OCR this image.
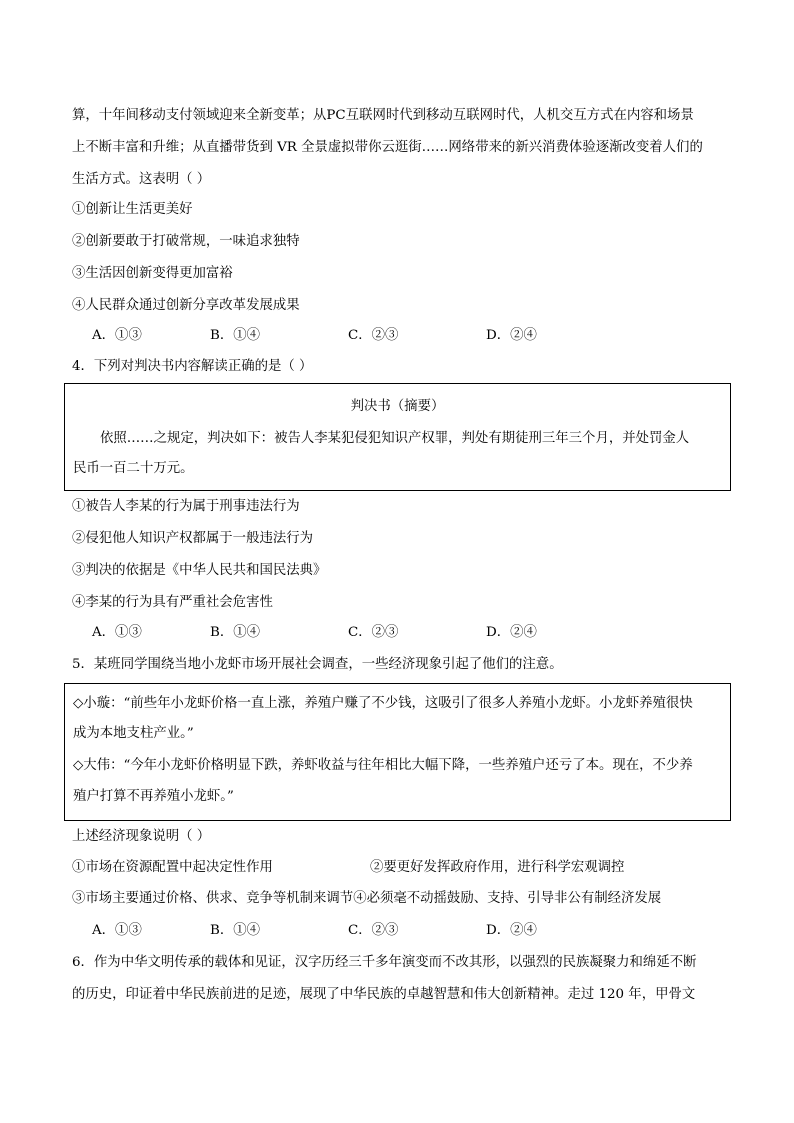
算，十年间移动支付领域迎来全新变革；从PC互联网时代到移动互联网时代，人机交互方式在内容和场景
上不断丰富和升维；从直播带货到 VR 全景虚拟带你云逛街……网络带来的新兴消费体验逐渐改变着人们的
生活方式。这表明（ ）
①创新让生活更美好
②创新要敢于打破常规，一味追求独特
③生活因创新变得更加富裕
④人民群众通过创新分享改革发展成果
A．①③	B．①④	C．②③	D．②④
4．下列对判决书内容解读正确的是（ ）
判决书（摘要）
依照……之规定，判决如下：被告人李某犯侵犯知识产权罪，判处有期徒刑三年三个月，并处罚金人
民币一百二十万元。
①被告人李某的行为属于刑事违法行为
②侵犯他人知识产权都属于一般违法行为
③判决的依据是《中华人民共和国民法典》
④李某的行为具有严重社会危害性
A．①③	B．①④	C．②③	D．②④
5．某班同学围绕当地小龙虾市场开展社会调查，一些经济现象引起了他们的注意。
◇小璇：“前些年小龙虾价格一直上涨，养殖户赚了不少钱，这吸引了很多人养殖小龙虾。小龙虾养殖很快
成为本地支柱产业。”
◇大伟：“今年小龙虾价格明显下跌，养虾收益与往年相比大幅下降，一些养殖户还亏了本。现在，不少养
殖户打算不再养殖小龙虾。”
上述经济现象说明（ ）
①市场在资源配置中起决定性作用	②要更好发挥政府作用，进行科学宏观调控
③市场主要通过价格、供求、竞争等机制来调节④必须毫不动摇鼓励、支持、引导非公有制经济发展
A．①③	B．①④	C．②③	D．②④
6．作为中华文明传承的载体和见证，汉字历经三千多年演变而不改其形，以强烈的民族凝聚力和绵延不断
的历史，印证着中华民族前进的足迹，展现了中华民族的卓越智慧和伟大创新精神。走过 120 年，甲骨文
